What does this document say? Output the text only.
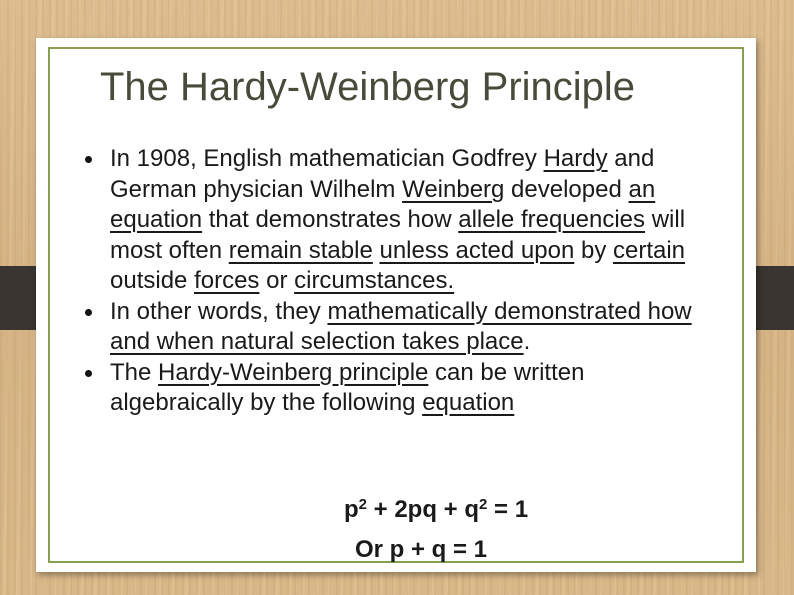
The Hardy-Weinberg Principle
In 1908, English mathematician Godfrey Hardy and German physician Wilhelm Weinberg developed an equation that demonstrates how allele frequencies will most often remain stable unless acted upon by certain outside forces or circumstances.
In other words, they mathematically demonstrated how and when natural selection takes place.
The Hardy-Weinberg principle can be written algebraically by the following equation
$p^2 + 2pq + q^2 = 1$
Or p + q = 1
